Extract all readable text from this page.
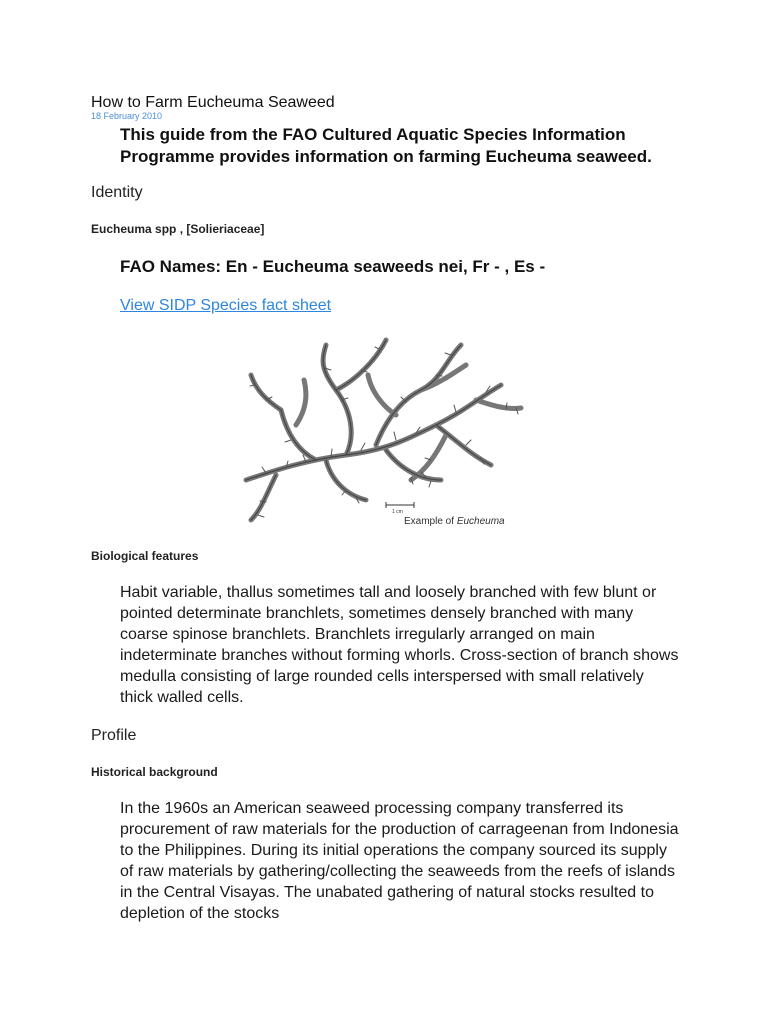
How to Farm Eucheuma Seaweed
18 February 2010
This guide from the FAO Cultured Aquatic Species Information Programme provides information on farming Eucheuma seaweed.
Identity
Eucheuma spp , [Solieriaceae]
FAO Names: En - Eucheuma seaweeds nei, Fr - , Es -
View SIDP Species fact sheet
1 cm
Example of Eucheuma
Biological features
Habit variable, thallus sometimes tall and loosely branched with few blunt or pointed determinate branchlets, sometimes densely branched with many coarse spinose branchlets. Branchlets irregularly arranged on main indeterminate branches without forming whorls. Cross-section of branch shows medulla consisting of large rounded cells interspersed with small relatively thick walled cells.
Profile
Historical background
In the 1960s an American seaweed processing company transferred its procurement of raw materials for the production of carrageenan from Indonesia to the Philippines. During its initial operations the company sourced its supply of raw materials by gathering/collecting the seaweeds from the reefs of islands in the Central Visayas. The unabated gathering of natural stocks resulted to depletion of the stocks
